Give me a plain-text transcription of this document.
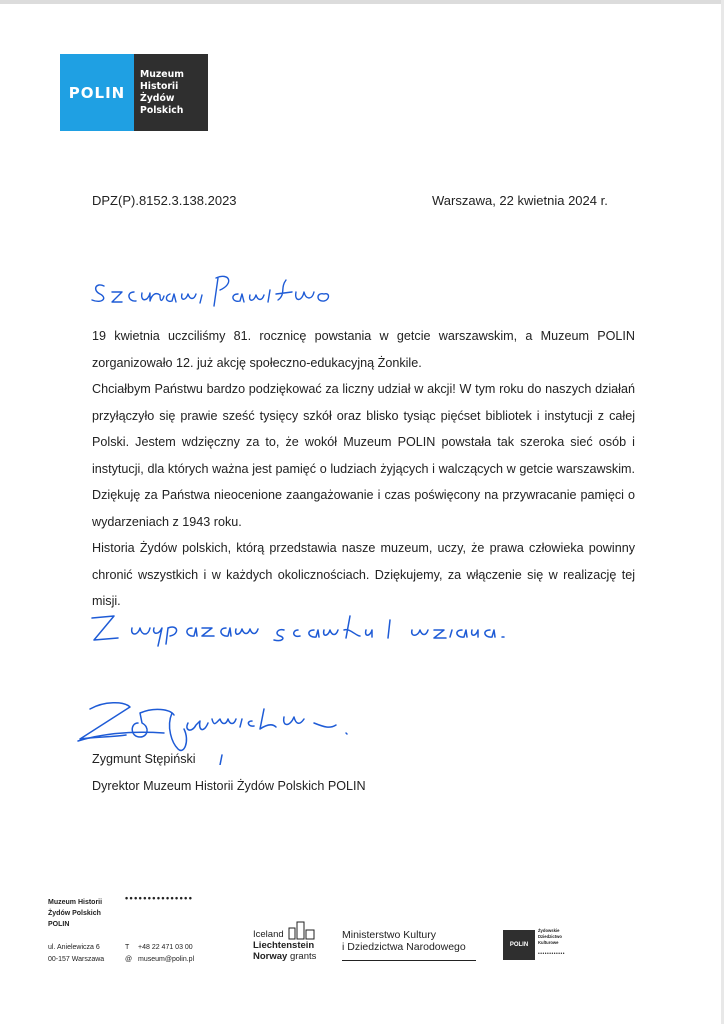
POLIN
Muzeum
Historii
Żydów
Polskich
DPZ(P).8152.3.138.2023	Warszawa, 22 kwietnia 2024 r.

19 kwietnia uczciliśmy 81. rocznicę powstania w getcie warszawskim, a Muzeum POLIN zorganizowało 12. już akcję społeczno-edukacyjną Żonkile.

Chciałbym Państwu bardzo podziękować za liczny udział w akcji! W tym roku do naszych działań przyłączyło się prawie sześć tysięcy szkół oraz blisko tysiąc pięćset bibliotek i instytucji z całej Polski. Jestem wdzięczny za to, że wokół Muzeum POLIN powstała tak szeroka sieć osób i instytucji, dla których ważna jest pamięć o ludziach żyjących i walczących w getcie warszawskim. Dziękuję za Państwa nieocenione zaangażowanie i czas poświęcony na przywracanie pamięci o wydarzeniach z 1943 roku.

Historia Żydów polskich, którą przedstawia nasze muzeum, uczy, że prawa człowieka powinny chronić wszystkich i w każdych okolicznościach. Dziękujemy, za włączenie się w realizację tej misji.

Zygmunt Stępiński
Dyrektor Muzeum Historii Żydów Polskich POLIN
Muzeum Historii
Żydów Polskich
POLIN
•••••••••••••••
ul. Anielewicza 6
00-157 Warszawa
T +48 22 471 03 00
@ museum@polin.pl
Iceland
Liechtenstein
Norway grants
Ministerstwo Kultury
i Dziedzictwa Narodowego	POLIN
Żydowskie
Dziedzictwo
Kulturowe
••••••••••••
